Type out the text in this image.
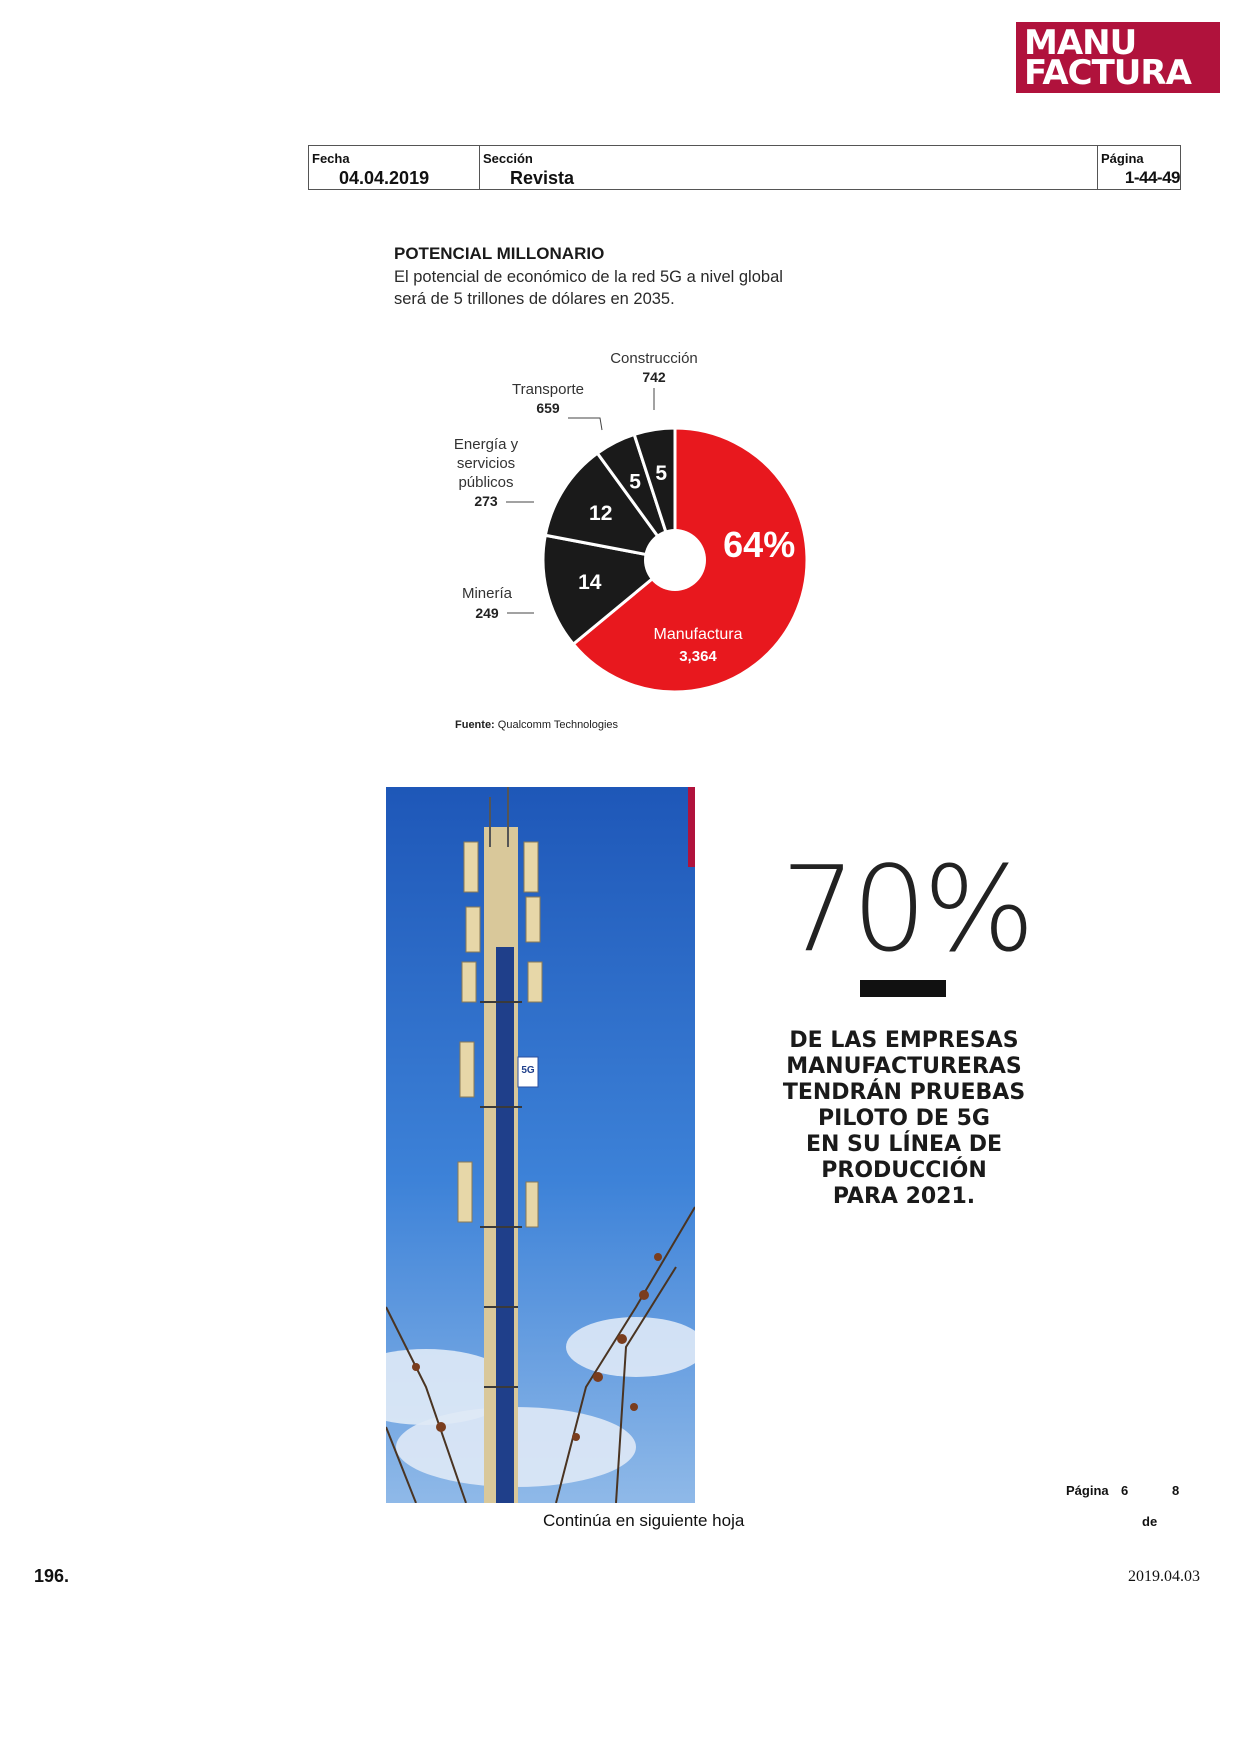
MANU
FACTURA
Fecha
04.04.2019
Sección
Revista
Página
1-44-49
POTENCIAL MILLONARIO
El potencial de económico de la red 5G a nivel global
será de 5 trillones de dólares en 2035.
64%
14
12
5 5
Manufactura
3,364
Minería
249
Energía y
servicios
públicos
273
Transporte
659
Construcción
742
Fuente: Qualcomm Technologies
5G
70%
DE LAS EMPRESAS
MANUFACTURERAS
TENDRÁN PRUEBAS
PILOTO DE 5G
EN SU LÍNEA DE
PRODUCCIÓN
PARA 2021.
Página 6	8
de
Continúa en siguiente hoja
196.	2019.04.03
